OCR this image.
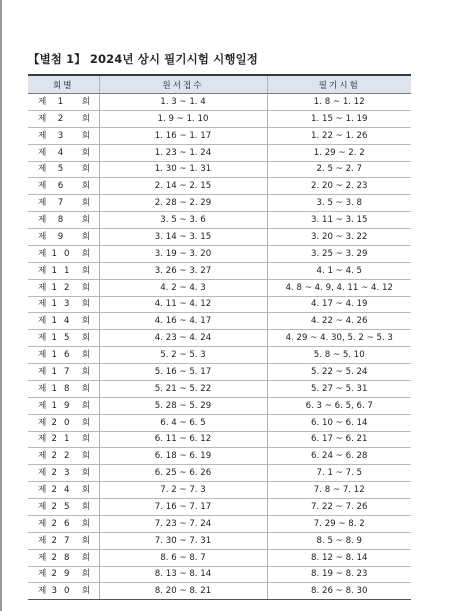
【별첨 1】 2024년 상시 필기시험 시행일정
회별	원서접수	필기시험

제 1 회	1. 3 ~ 1. 4	1. 8 ~ 1. 12

제 2 회	1. 9 ~ 1. 10	1. 15 ~ 1. 19

제 3 회	1. 16 ~ 1. 17	1. 22 ~ 1. 26

제 4 회	1. 23 ~ 1. 24	1. 29 ~ 2. 2

제 5 회	1. 30 ~ 1. 31	2. 5 ~ 2. 7

제 6 회	2. 14 ~ 2. 15	2. 20 ~ 2. 23

제 7 회	2. 28 ~ 2. 29	3. 5 ~ 3. 8

제 8 회	3. 5 ~ 3. 6	3. 11 ~ 3. 15

제 9 회	3. 14 ~ 3. 15	3. 20 ~ 3. 22

제 10 회	3. 19 ~ 3. 20	3. 25 ~ 3. 29

제 11 회	3. 26 ~ 3. 27	4. 1 ~ 4. 5

제 12 회	4. 2 ~ 4. 3	4. 8 ~ 4. 9, 4. 11 ~ 4. 12

제 13 회	4. 11 ~ 4. 12	4. 17 ~ 4. 19

제 14 회	4. 16 ~ 4. 17	4. 22 ~ 4. 26

제 15 회	4. 23 ~ 4. 24	4. 29 ~ 4. 30, 5. 2 ~ 5. 3

제 16 회	5. 2 ~ 5. 3	5. 8 ~ 5. 10

제 17 회	5. 16 ~ 5. 17	5. 22 ~ 5. 24

제 18 회	5. 21 ~ 5. 22	5. 27 ~ 5. 31

제 19 회	5. 28 ~ 5. 29	6. 3 ~ 6. 5, 6. 7

제 20 회	6. 4 ~ 6. 5	6. 10 ~ 6. 14

제 21 회	6. 11 ~ 6. 12	6. 17 ~ 6. 21

제 22 회	6. 18 ~ 6. 19	6. 24 ~ 6. 28

제 23 회	6. 25 ~ 6. 26	7. 1 ~ 7. 5

제 24 회	7. 2 ~ 7. 3	7. 8 ~ 7. 12

제 25 회	7. 16 ~ 7. 17	7. 22 ~ 7. 26

제 26 회	7. 23 ~ 7. 24	7. 29 ~ 8. 2

제 27 회	7. 30 ~ 7. 31	8. 5 ~ 8. 9

제 28 회	8. 6 ~ 8. 7	8. 12 ~ 8. 14

제 29 회	8. 13 ~ 8. 14	8. 19 ~ 8. 23

제 30 회	8. 20 ~ 8. 21	8. 26 ~ 8. 30
